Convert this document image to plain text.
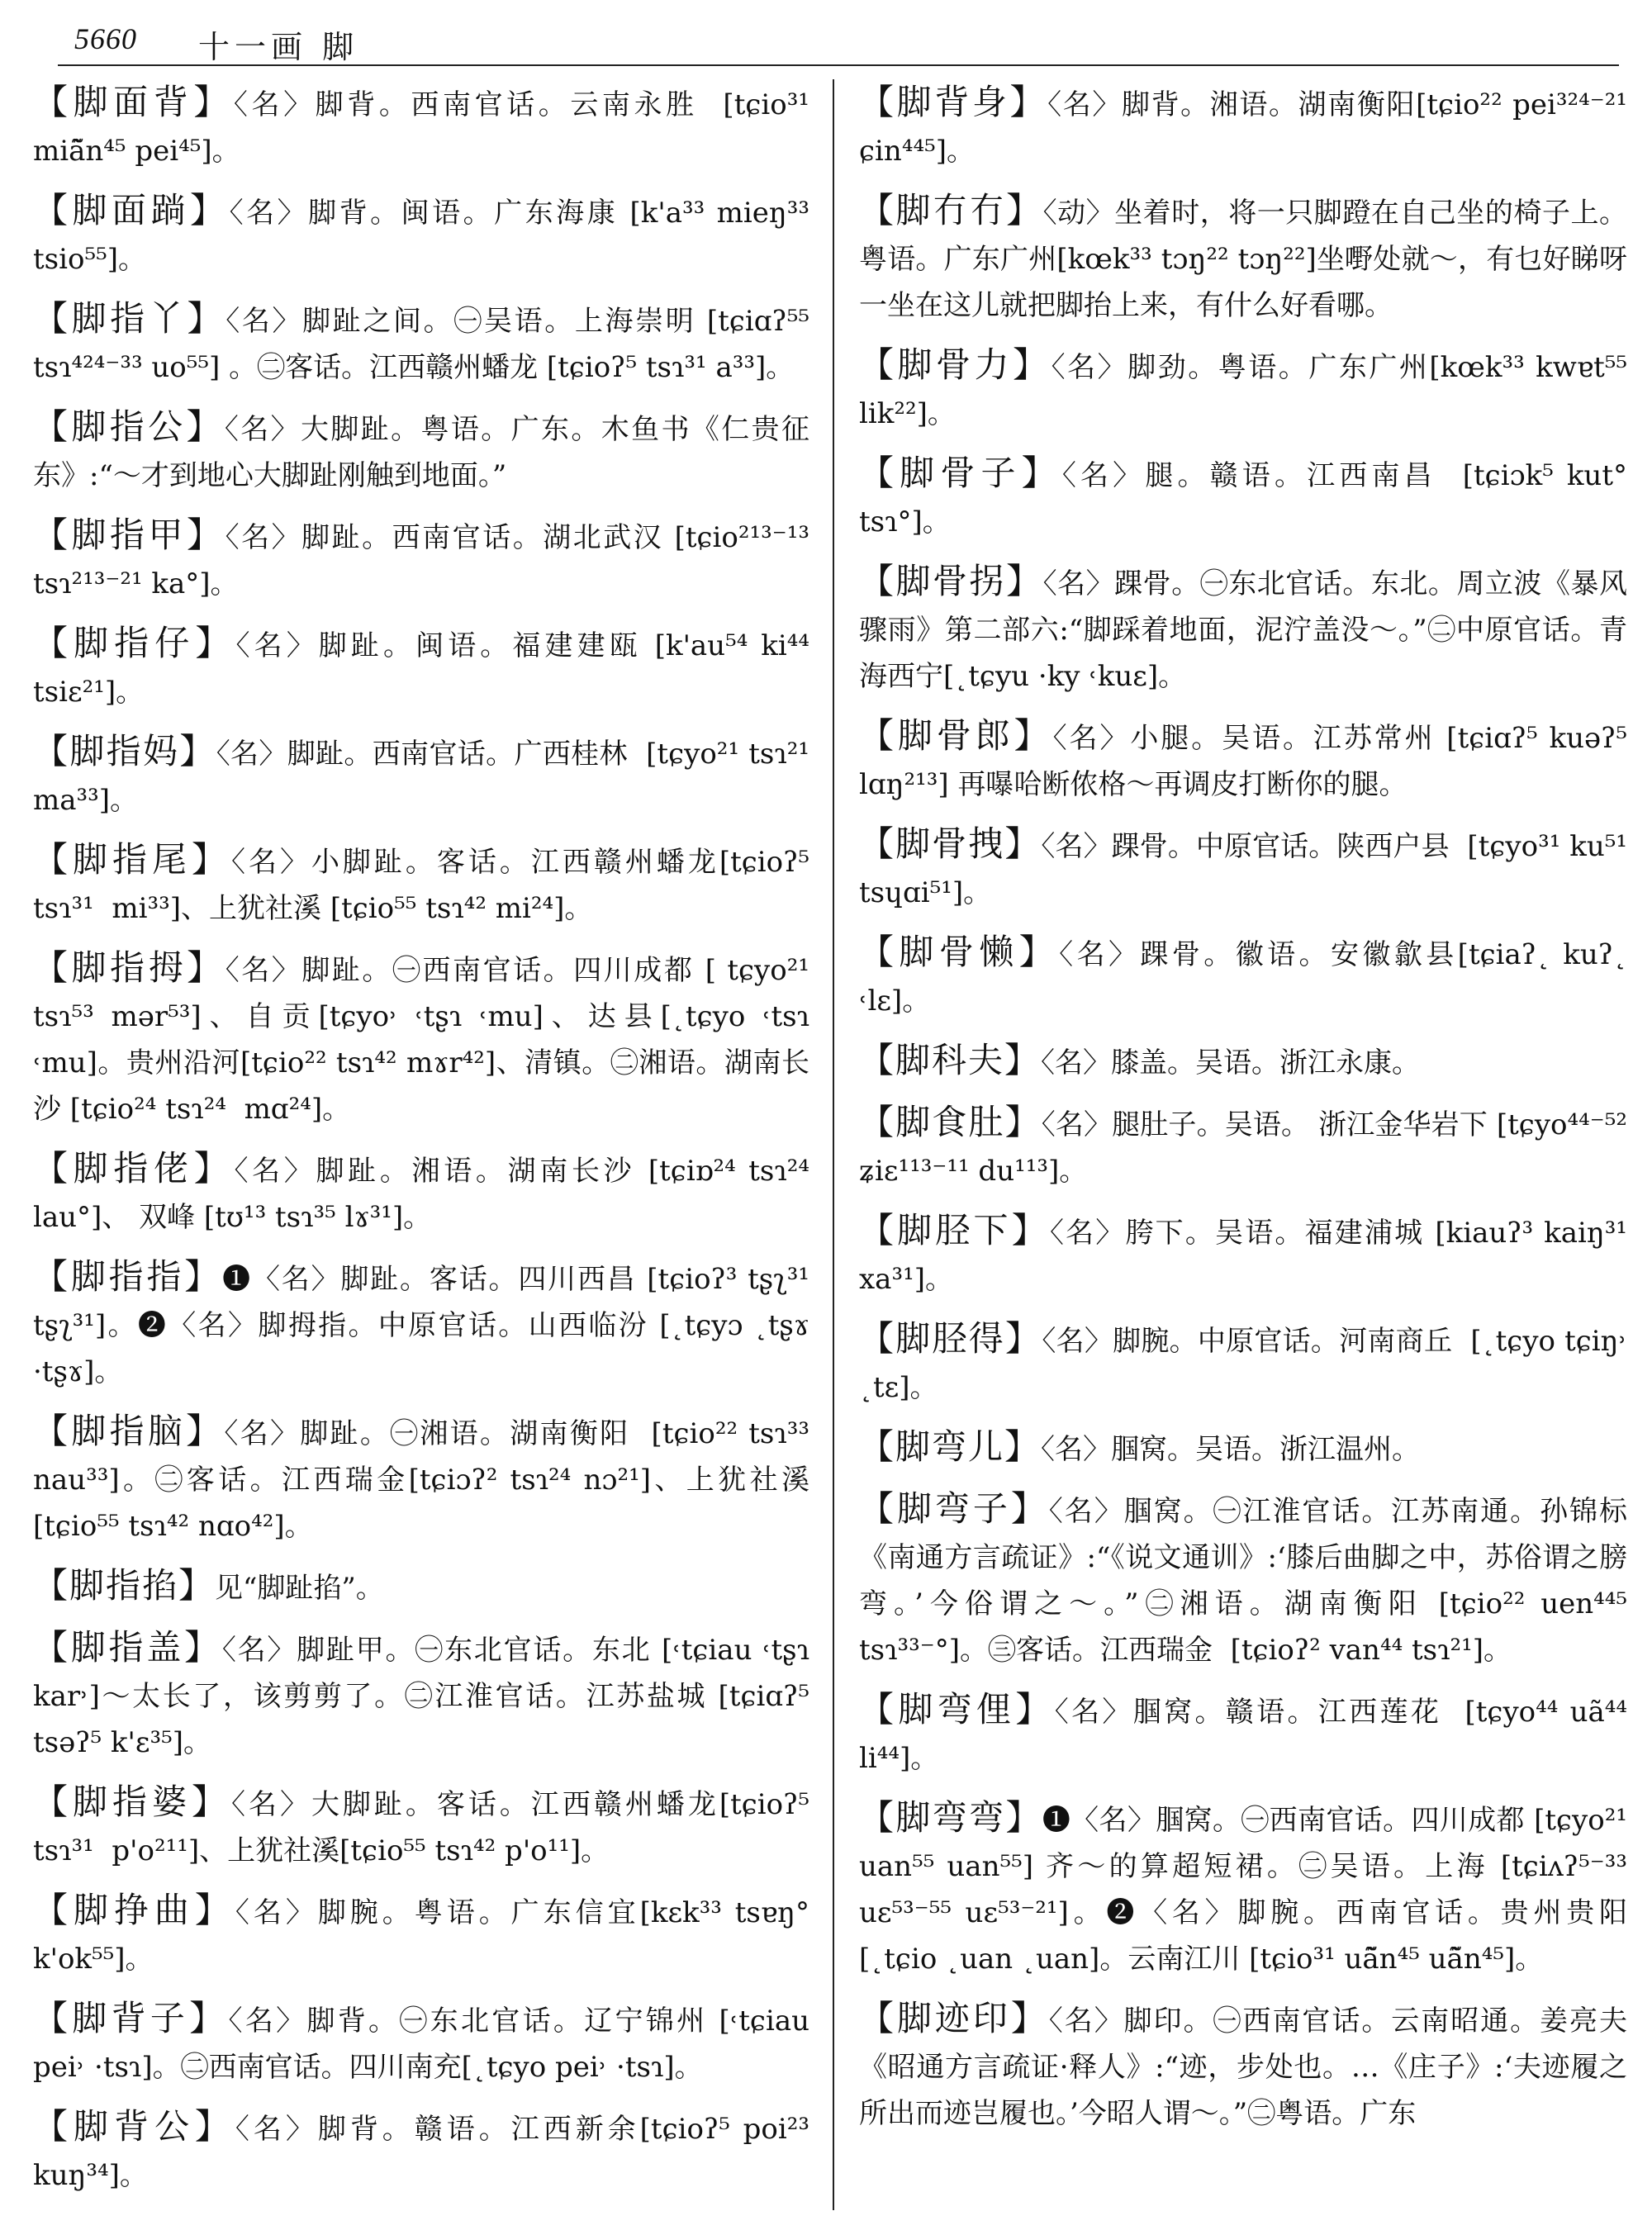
5660 十一画 脚

【脚面背】〈名〉脚背。西南官话。云南永胜  [tɕio³¹ miã̃n⁴⁵ pei⁴⁵]。

【脚面䠀】〈名〉脚背。闽语。广东海康 [k'a³³ mieŋ³³ tsio⁵⁵]。

【脚指丫】〈名〉脚趾之间。㊀吴语。上海崇明 [tɕiɑʔ⁵⁵ tsɿ⁴²⁴⁻³³ uo⁵⁵] 。㊁客话。江西赣州蟠龙 [tɕioʔ⁵ tsɿ³¹ a³³]。

【脚指公】〈名〉大脚趾。粤语。广东。木鱼书《仁贵征东》:“～才到地心大脚趾刚触到地面。”

【脚指甲】〈名〉脚趾。西南官话。湖北武汉 [tɕio²¹³⁻¹³ tsɿ²¹³⁻²¹ ka°]。

【脚指仔】〈名〉脚趾。闽语。福建建瓯 [k'au⁵⁴ ki⁴⁴ tsiɛ²¹]。

【脚指妈】〈名〉脚趾。西南官话。广西桂林  [tɕyo²¹ tsɿ²¹ ma³³]。

【脚指尾】〈名〉小脚趾。客话。江西赣州蟠龙[tɕioʔ⁵ tsɿ³¹  mi³³]、上犹社溪 [tɕio⁵⁵ tsɿ⁴² mi²⁴]。

【脚指拇】〈名〉脚趾。㊀西南官话。四川成都 [ tɕyo²¹ tsɿ⁵³ mər⁵³]、自贡[tɕyo˒ ˓tʂɿ ˓mu]、达县[˛tɕyo ˓tsɿ ˓mu]。贵州沿河[tɕio²² tsɿ⁴² mɤr⁴²]、清镇。㊁湘语。湖南长沙 [tɕio²⁴ tsɿ²⁴  mɑ²⁴]。

【脚指佬】〈名〉脚趾。湘语。湖南长沙 [tɕiɒ²⁴ tsɿ²⁴ lau°]、 双峰 [tʊ¹³ tsɿ³⁵ lɤ³¹]。

【脚指指】❶〈名〉脚趾。客话。四川西昌 [tɕioʔ³ tʂʅ³¹ tʂʅ³¹]。❷〈名〉脚拇指。中原官话。山西临汾 [˛tɕyɔ ˛tʂɤ ·tʂɤ]。

【脚指脑】〈名〉脚趾。㊀湘语。湖南衡阳  [tɕio²² tsɿ³³ nau³³]。㊁客话。江西瑞金[tɕiɔʔ² tsɿ²⁴ nɔ²¹]、上犹社溪 [tɕio⁵⁵ tsɿ⁴² nɑo⁴²]。

【脚指掐】见“脚趾掐”。

【脚指盖】〈名〉脚趾甲。㊀东北官话。东北 [˓tɕiau ˓tʂɿ kar˒]～太长了，该剪剪了。㊁江淮官话。江苏盐城 [tɕiɑʔ⁵ tsəʔ⁵ k'ɛ³⁵]。

【脚指婆】〈名〉大脚趾。客话。江西赣州蟠龙[tɕioʔ⁵ tsɿ³¹  p'o²¹¹]、上犹社溪[tɕio⁵⁵ tsɿ⁴² p'o¹¹]。

【脚挣曲】〈名〉脚腕。粤语。广东信宜[kɛk³³ tsɐŋ° k'ok⁵⁵]。

【脚背子】〈名〉脚背。㊀东北官话。辽宁锦州 [˓tɕiau pei˒ ·tsɿ]。㊁西南官话。四川南充[˛tɕyo pei˒ ·tsɿ]。

【脚背公】〈名〉脚背。赣语。江西新余[tɕioʔ⁵ poi²³ kuŋ³⁴]。

【脚背身】〈名〉脚背。湘语。湖南衡阳[tɕio²² pei³²⁴⁻²¹ ɕin⁴⁴⁵]。

【脚冇冇】〈动〉坐着时，将一只脚蹬在自己坐的椅子上。粤语。广东广州[kœk³³ tɔŋ²² tɔŋ²²]坐嘢处就～，有乜好睇呀一坐在这儿就把脚抬上来，有什么好看哪。

【脚骨力】〈名〉脚劲。粤语。广东广州[kœk³³ kwɐt⁵⁵ lik²²]。

【脚骨子】〈名〉腿。赣语。江西南昌  [tɕiɔk⁵ kut° tsɿ°]。

【脚骨拐】〈名〉踝骨。㊀东北官话。东北。周立波《暴风骤雨》第二部六:“脚踩着地面，泥泞盖没～。”㊁中原官话。青海西宁[˛tɕyu ·ky ˓kuɛ]。

【脚骨郎】〈名〉小腿。吴语。江苏常州 [tɕiɑʔ⁵ kuəʔ⁵ lɑŋ²¹³] 再嚗哈断侬格～再调皮打断你的腿。

【脚骨拽】〈名〉踝骨。中原官话。陕西户县  [tɕyo³¹ ku⁵¹ tsɥɑi⁵¹]。

【脚骨懒】〈名〉踝骨。徽语。安徽歙县[tɕiaʔ˛ kuʔ˛ ˓lɛ]。

【脚科夫】〈名〉膝盖。吴语。浙江永康。

【脚食肚】〈名〉腿肚子。吴语。 浙江金华岩下 [tɕyo⁴⁴⁻⁵² ʑiɛ¹¹³⁻¹¹ du¹¹³]。

【脚胫下】〈名〉胯下。吴语。福建浦城 [kiauʔ³ kaiŋ³¹ xa³¹]。

【脚胫得】〈名〉脚腕。中原官话。河南商丘  [˛tɕyo tɕiŋ˒ ˛tɛ]。

【脚弯儿】〈名〉腘窝。吴语。浙江温州。

【脚弯子】〈名〉腘窝。㊀江淮官话。江苏南通。孙锦标《南通方言疏证》:“《说文通训》:‘膝后曲脚之中，苏俗谓之膀弯。’今俗谓之～。”㊁湘语。湖南衡阳 [tɕio²² uen⁴⁴⁵ tsɿ³³⁻°]。㊂客话。江西瑞金  [tɕioʔ² van⁴⁴ tsɿ²¹]。

【脚弯俚】〈名〉腘窝。赣语。江西莲花  [tɕyo⁴⁴ uã⁴⁴ li⁴⁴]。

【脚弯弯】❶〈名〉腘窝。㊀西南官话。四川成都 [tɕyo²¹ uan⁵⁵ uan⁵⁵] 齐～的算超短裙。㊁吴语。上海 [tɕiʌʔ⁵⁻³³ uɛ⁵³⁻⁵⁵ uɛ⁵³⁻²¹]。❷〈名〉脚腕。西南官话。贵州贵阳 [˛tɕio ˛uan ˛uan]。云南江川 [tɕio³¹ uã̃n⁴⁵ uã̃n⁴⁵]。

【脚迹印】〈名〉脚印。㊀西南官话。云南昭通。姜亮夫《昭通方言疏证·释人》:“迹，步处也。…《庄子》:‘夫迹履之所出而迹岂履也。’今昭人谓～。”㊁粤语。广东
